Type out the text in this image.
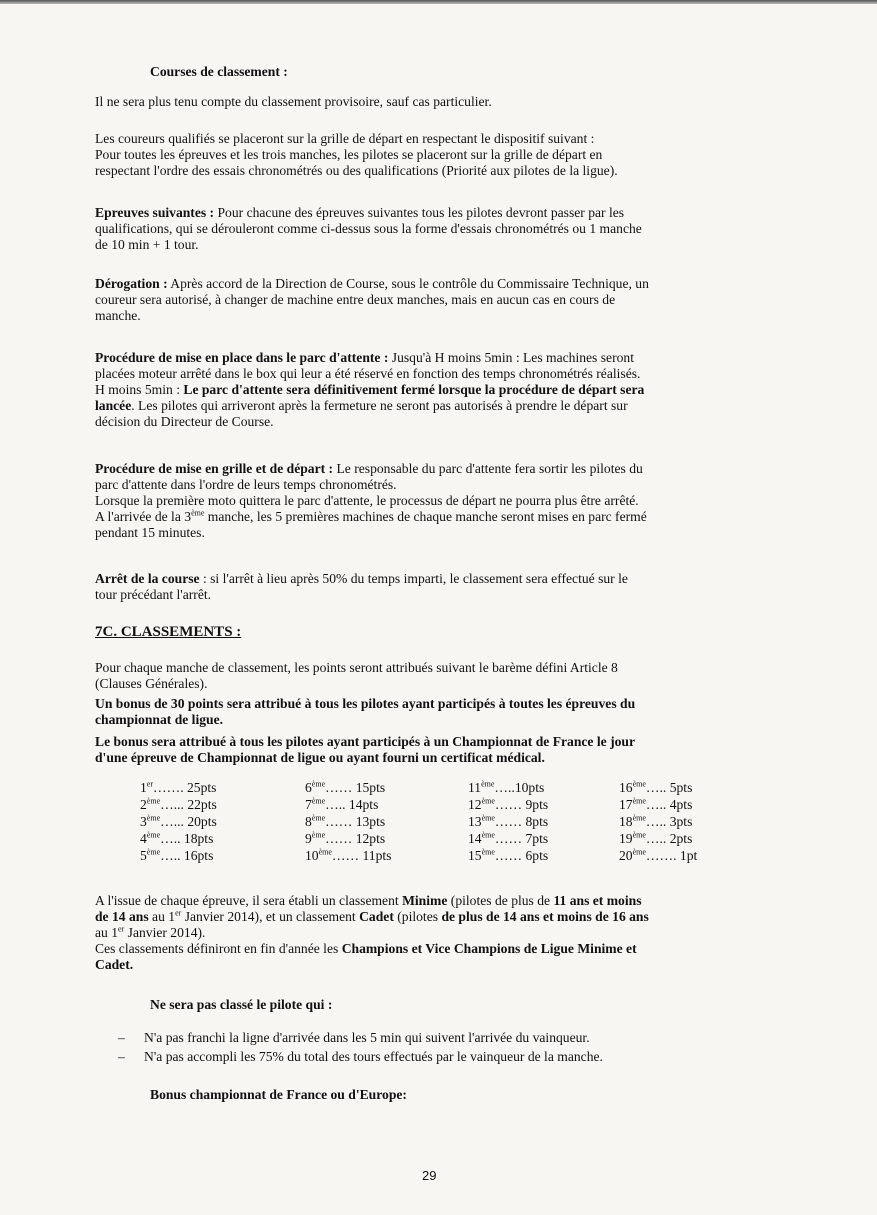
Courses de classement :
Il ne sera plus tenu compte du classement provisoire, sauf cas particulier.
Les coureurs qualifiés se placeront sur la grille de départ en respectant le dispositif suivant :
Pour toutes les épreuves et les trois manches, les pilotes se placeront sur la grille de départ en
respectant l'ordre des essais chronométrés ou des qualifications (Priorité aux pilotes de la ligue).
Epreuves suivantes : Pour chacune des épreuves suivantes tous les pilotes devront passer par les
qualifications, qui se dérouleront comme ci-dessus sous la forme d'essais chronométrés ou 1 manche
de 10 min + 1 tour.
Dérogation : Après accord de la Direction de Course, sous le contrôle du Commissaire Technique, un
coureur sera autorisé, à changer de machine entre deux manches, mais en aucun cas en cours de
manche.
Procédure de mise en place dans le parc d'attente : Jusqu'à H moins 5min : Les machines seront
placées moteur arrêté dans le box qui leur a été réservé en fonction des temps chronométrés réalisés.
H moins 5min : Le parc d'attente sera définitivement fermé lorsque la procédure de départ sera
lancée. Les pilotes qui arriveront après la fermeture ne seront pas autorisés à prendre le départ sur
décision du Directeur de Course.
Procédure de mise en grille et de départ : Le responsable du parc d'attente fera sortir les pilotes du
parc d'attente dans l'ordre de leurs temps chronométrés.
Lorsque la première moto quittera le parc d'attente, le processus de départ ne pourra plus être arrêté.
A l'arrivée de la 3ème manche, les 5 premières machines de chaque manche seront mises en parc fermé
pendant 15 minutes.
Arrêt de la course : si l'arrêt à lieu après 50% du temps imparti, le classement sera effectué sur le
tour précédant l'arrêt.
7C. CLASSEMENTS :
Pour chaque manche de classement, les points seront attribués suivant le barème défini Article 8
(Clauses Générales).
Un bonus de 30 points sera attribué à tous les pilotes ayant participés à toutes les épreuves du
championnat de ligue.
Le bonus sera attribué à tous les pilotes ayant participés à un Championnat de France le jour
d'une épreuve de Championnat de ligue ou ayant fourni un certificat médical.
1er……. 25pts
2ème…... 22pts
3ème…... 20pts
4ème….. 18pts
5ème….. 16pts
6ème…… 15pts
7ème….. 14pts
8ème…… 13pts
9ème…… 12pts
10ème…… 11pts
11ème…..10pts
12ème…… 9pts
13ème…… 8pts
14ème…… 7pts
15ème…… 6pts
16ème….. 5pts
17ème….. 4pts
18ème….. 3pts
19ème….. 2pts
20ème……. 1pt
A l'issue de chaque épreuve, il sera établi un classement Minime (pilotes de plus de 11 ans et moins
de 14 ans au 1er Janvier 2014), et un classement Cadet (pilotes de plus de 14 ans et moins de 16 ans
au 1er Janvier 2014).
Ces classements définiront en fin d'année les Champions et Vice Champions de Ligue Minime et
Cadet.
Ne sera pas classé le pilote qui :
– N'a pas franchi la ligne d'arrivée dans les 5 min qui suivent l'arrivée du vainqueur.
– N'a pas accompli les 75% du total des tours effectués par le vainqueur de la manche.
Bonus championnat de France ou d'Europe:
29
